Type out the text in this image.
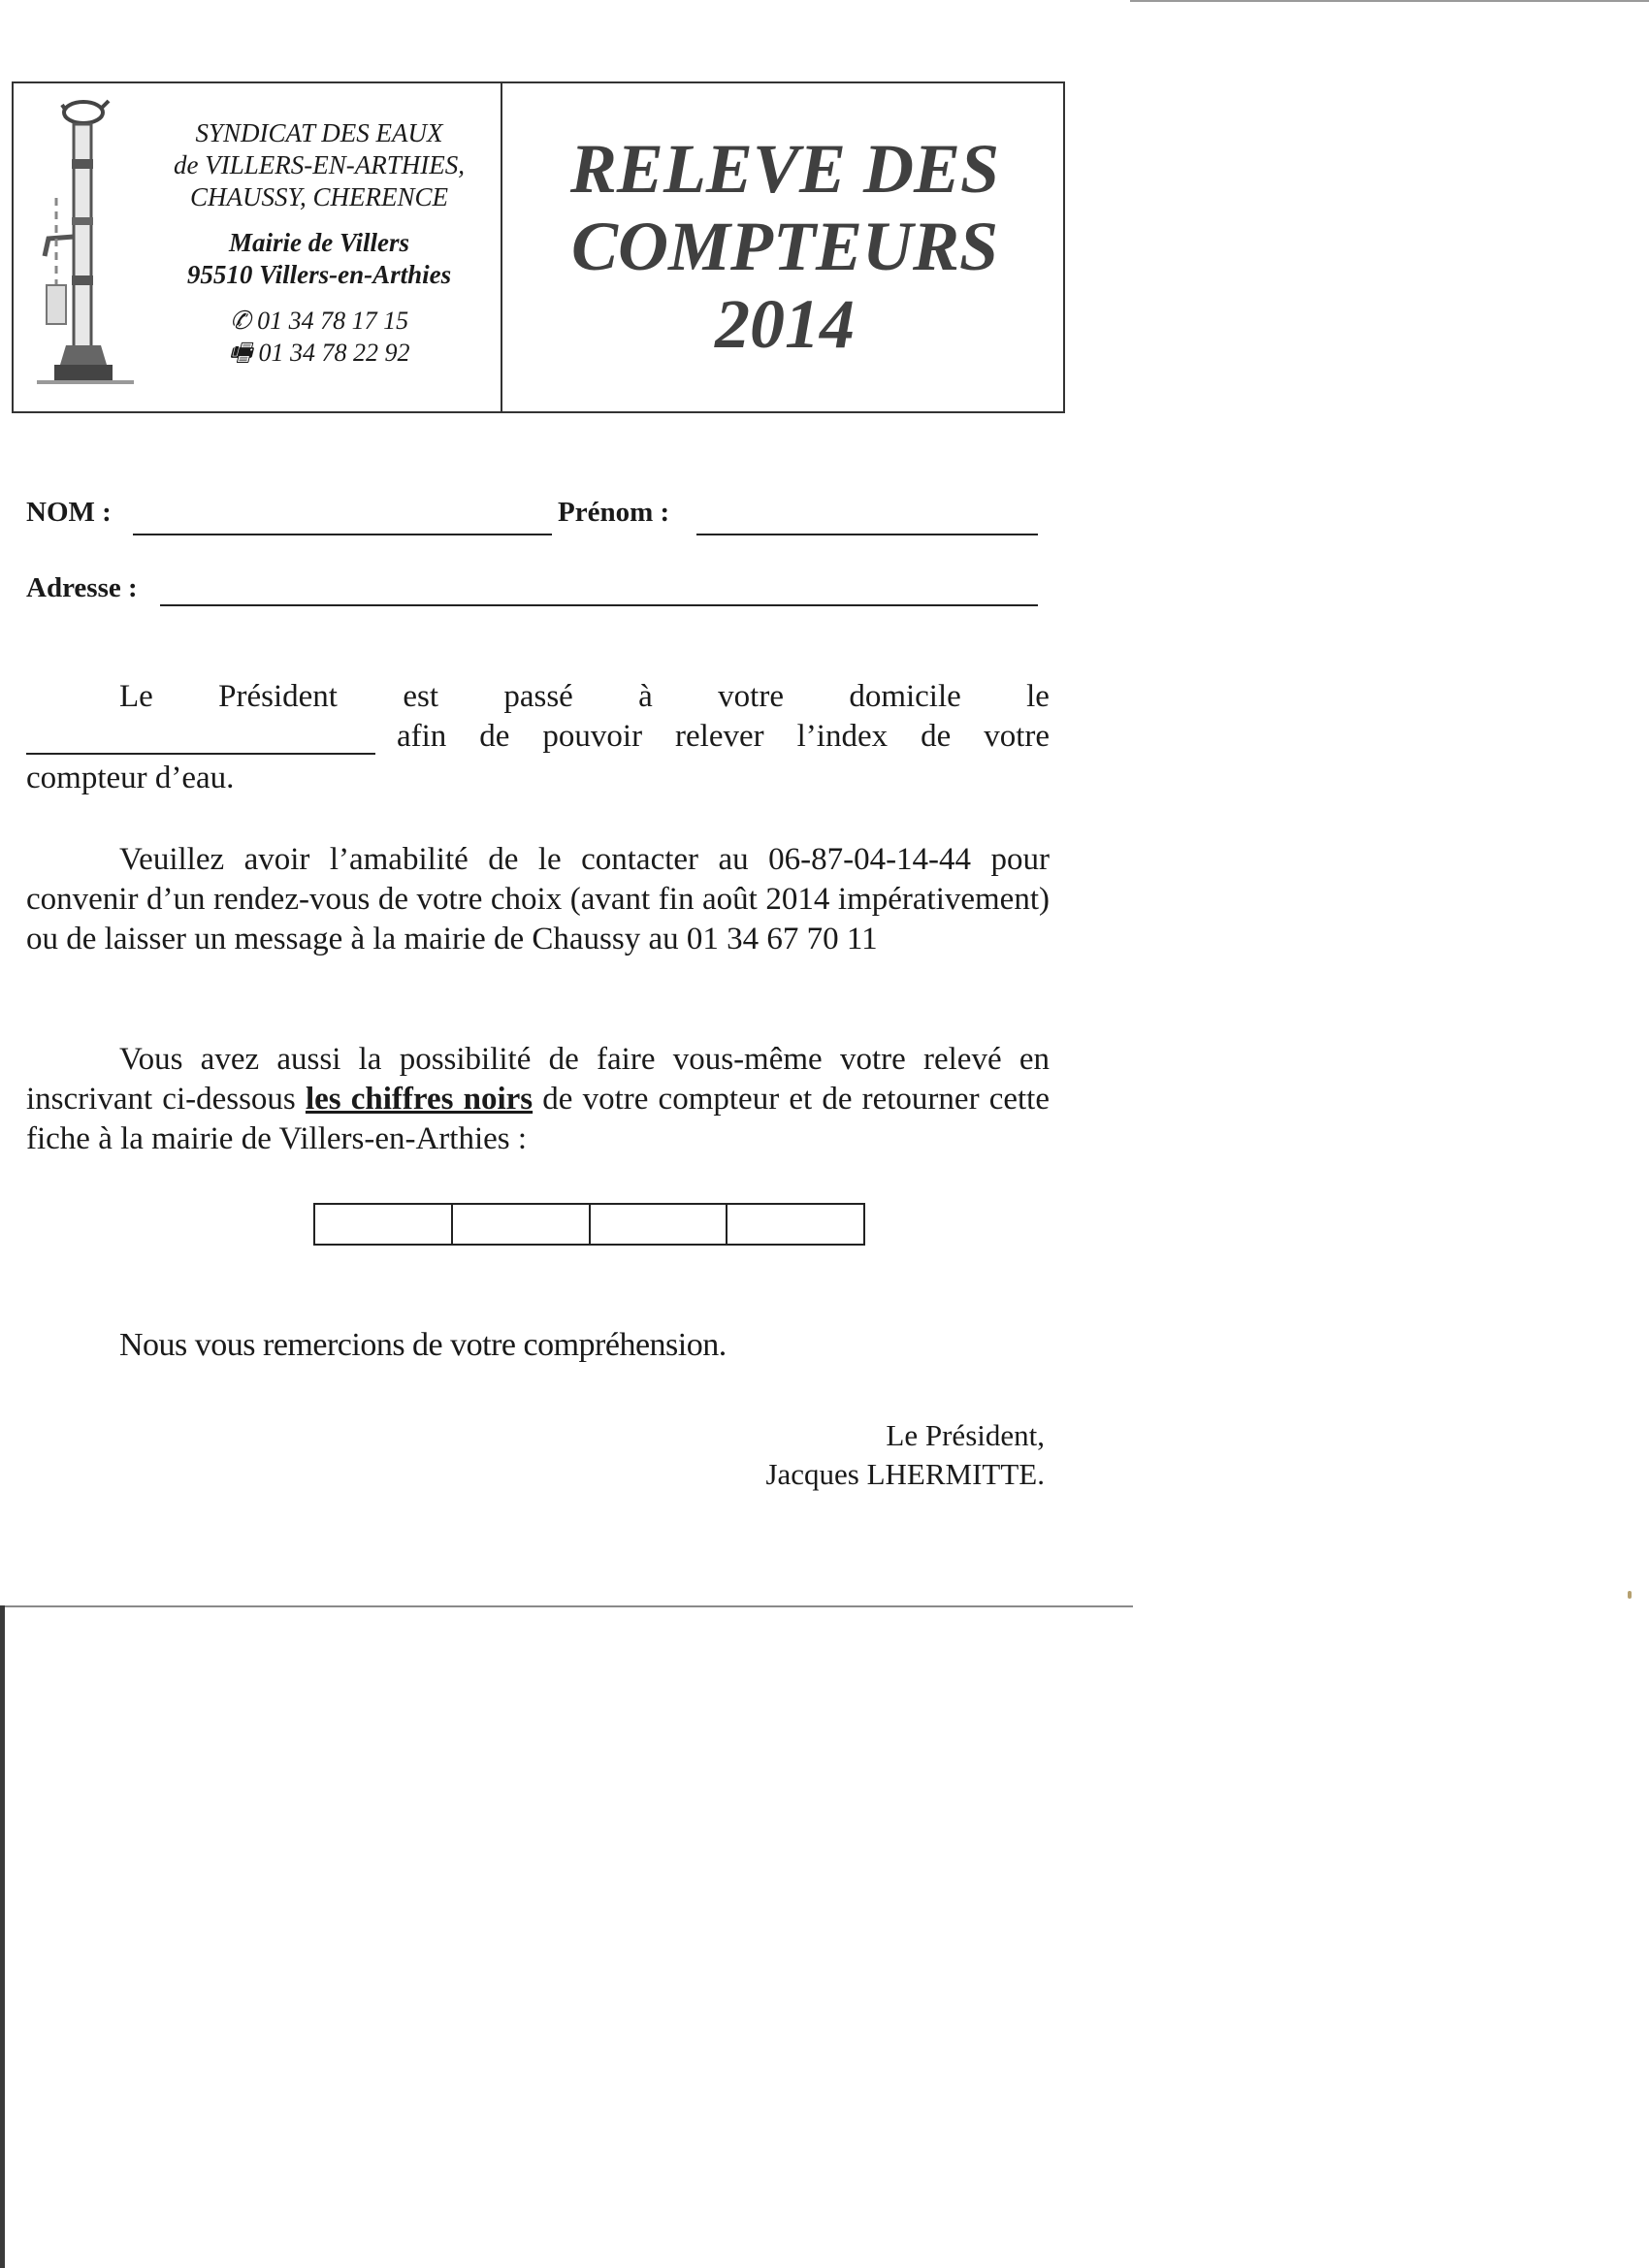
SYNDICAT DES EAUX
de VILLERS-EN-ARTHIES,
CHAUSSY, CHERENCE
Mairie de Villers
95510 Villers-en-Arthies
✆ 01 34 78 17 15
🖷 01 34 78 22 92
RELEVE DES
COMPTEURS
2014
NOM :	Prénom :
Adresse :
Le Président est passé à votre domicile le
afin de pouvoir relever l’index de votre
compteur d’eau.
Veuillez avoir l’amabilité de le contacter au 06-87-04-14-44 pour convenir d’un rendez-vous de votre choix (avant fin août 2014 impérativement) ou de laisser un message à la mairie de Chaussy au 01 34 67 70 11
Vous avez aussi la possibilité de faire vous-même votre relevé en inscrivant ci-dessous les chiffres noirs de votre compteur et de retourner cette fiche à la mairie de Villers-en-Arthies :
Nous vous remercions de votre compréhension.
Le Président,
Jacques LHERMITTE.
